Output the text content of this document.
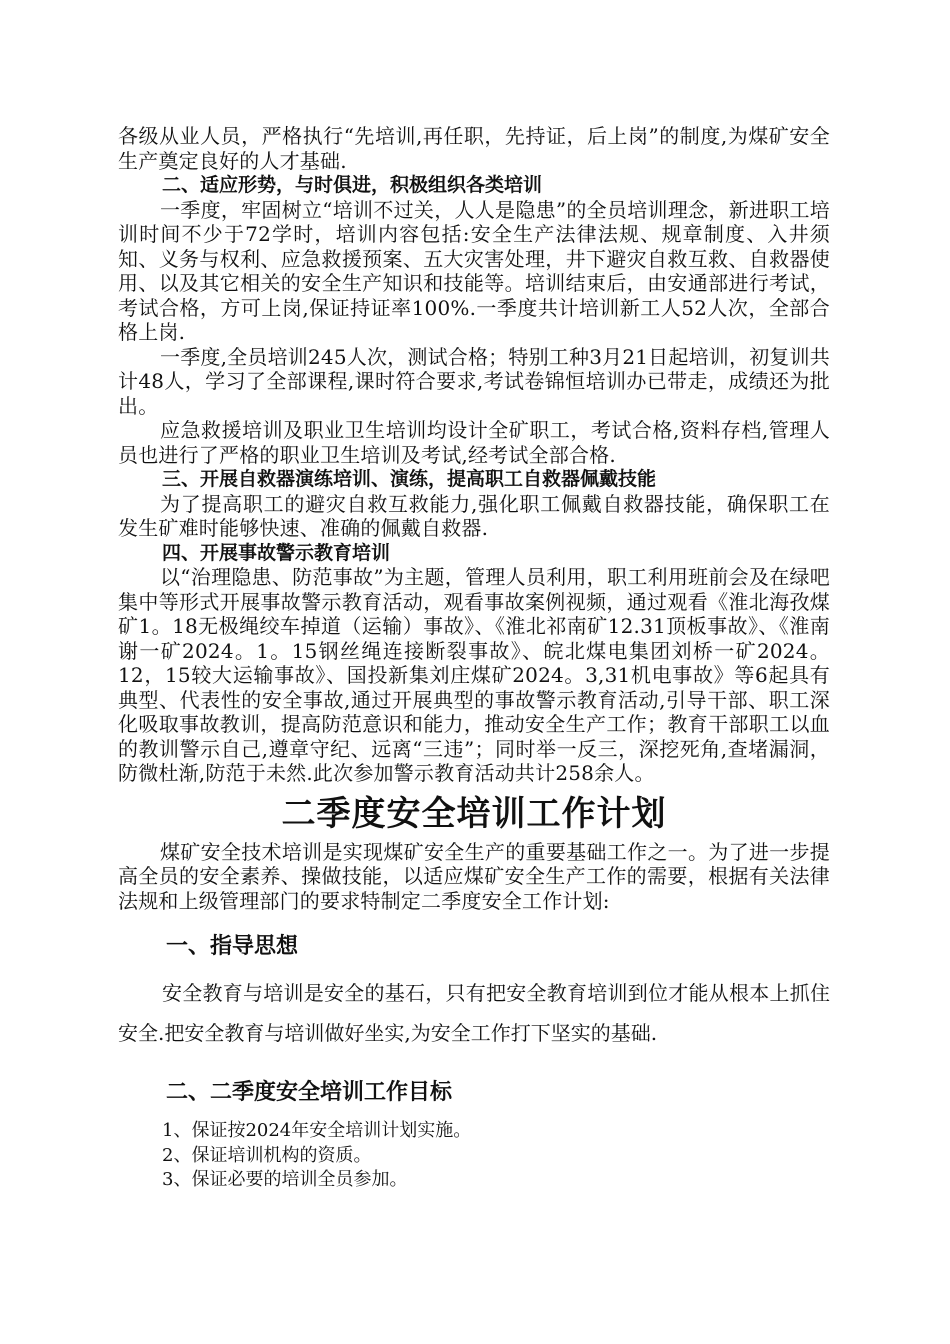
各级从业人员，严格执行“先培训,再任职，先持证，后上岗”的制度,为煤矿安全生产奠定良好的人才基础.

二、适应形势，与时俱进，积极组织各类培训

一季度，牢固树立“培训不过关，人人是隐患”的全员培训理念，新进职工培训时间不少于72学时，培训内容包括:安全生产法律法规、规章制度、入井须知、义务与权利、应急救援预案、五大灾害处理，井下避灾自救互救、自救器使用、以及其它相关的安全生产知识和技能等。培训结束后，由安通部进行考试，考试合格，方可上岗,保证持证率100%.一季度共计培训新工人52人次，全部合格上岗.

一季度,全员培训245人次，测试合格；特别工种3月21日起培训，初复训共计48人，学习了全部课程,课时符合要求,考试卷锦恒培训办已带走，成绩还为批出。

应急救援培训及职业卫生培训均设计全矿职工，考试合格,资料存档,管理人员也进行了严格的职业卫生培训及考试,经考试全部合格.

三、开展自救器演练培训、演练，提高职工自救器佩戴技能

为了提高职工的避灾自救互救能力,强化职工佩戴自救器技能，确保职工在发生矿难时能够快速、准确的佩戴自救器.

四、开展事故警示教育培训

以“治理隐患、防范事故”为主题，管理人员利用，职工利用班前会及在绿吧集中等形式开展事故警示教育活动，观看事故案例视频，通过观看《淮北海孜煤矿1。18无极绳绞车掉道（运输）事故》、《淮北祁南矿12.31顶板事故》、《淮南谢一矿2024。1。15钢丝绳连接断裂事故》、皖北煤电集团刘桥一矿2024。12，15较大运输事故》、国投新集刘庄煤矿2024。3,31机电事故》等6起具有典型、代表性的安全事故,通过开展典型的事故警示教育活动,引导干部、职工深化吸取事故教训，提高防范意识和能力，推动安全生产工作；教育干部职工以血的教训警示自己,遵章守纪、远离“三违”；同时举一反三，深挖死角,查堵漏洞，防微杜渐,防范于未然.此次参加警示教育活动共计258余人。

二季度安全培训工作计划

煤矿安全技术培训是实现煤矿安全生产的重要基础工作之一。为了进一步提高全员的安全素养、操做技能，以适应煤矿安全生产工作的需要，根据有关法律法规和上级管理部门的要求特制定二季度安全工作计划:

一、指导思想

安全教育与培训是安全的基石，只有把安全教育培训到位才能从根本上抓住安全.把安全教育与培训做好坐实,为安全工作打下坚实的基础.

二、二季度安全培训工作目标

1、保证按2024年安全培训计划实施。

2、保证培训机构的资质。

3、保证必要的培训全员参加。
